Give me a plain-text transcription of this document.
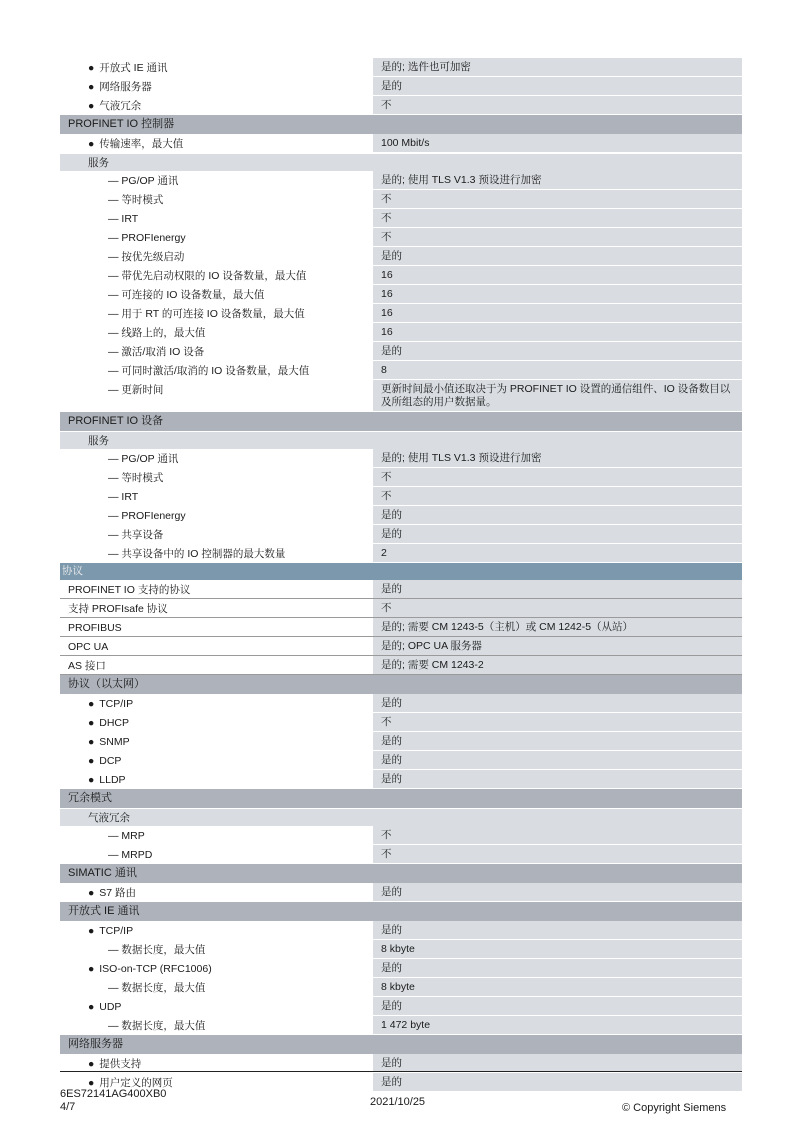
● 开放式 IE 通讯	是的; 选件也可加密
● 网络服务器	是的
● 气液冗余	不
PROFINET IO 控制器
● 传输速率，最大值	100 Mbit/s
服务
— PG/OP 通讯	是的; 使用 TLS V1.3 预设进行加密
— 等时模式	不
— IRT	不
— PROFIenergy	不
— 按优先级启动	是的
— 带优先启动权限的 IO 设备数量，最大值	16
— 可连接的 IO 设备数量，最大值	16
— 用于 RT 的可连接 IO 设备数量，最大值	16
— 线路上的，最大值	16
— 激活/取消 IO 设备	是的
— 可同时激活/取消的 IO 设备数量，最大值	8
— 更新时间	更新时间最小值还取决于为 PROFINET IO 设置的通信组件、IO 设备数目以及所组态的用户数据量。
PROFINET IO 设备
服务
— PG/OP 通讯	是的; 使用 TLS V1.3 预设进行加密
— 等时模式	不
— IRT	不
— PROFIenergy	是的
— 共享设备	是的
— 共享设备中的 IO 控制器的最大数量	2
协议
PROFINET IO 支持的协议	是的
支持 PROFIsafe 协议	不
PROFIBUS	是的; 需要 CM 1243-5（主机）或 CM 1242-5（从站）
OPC UA	是的; OPC UA 服务器
AS 接口	是的; 需要 CM 1243-2
协议（以太网）
● TCP/IP	是的
● DHCP	不
● SNMP	是的
● DCP	是的
● LLDP	是的
冗余模式
气液冗余
— MRP	不
— MRPD	不
SIMATIC 通讯
● S7 路由	是的
开放式 IE 通讯
● TCP/IP	是的
— 数据长度，最大值	8 kbyte
● ISO-on-TCP (RFC1006)	是的
— 数据长度，最大值	8 kbyte
● UDP	是的
— 数据长度，最大值	1 472 byte
网络服务器
● 提供支持	是的
● 用户定义的网页	是的
6ES72141AG400XB0
4/7	2021/10/25	© Copyright Siemens
